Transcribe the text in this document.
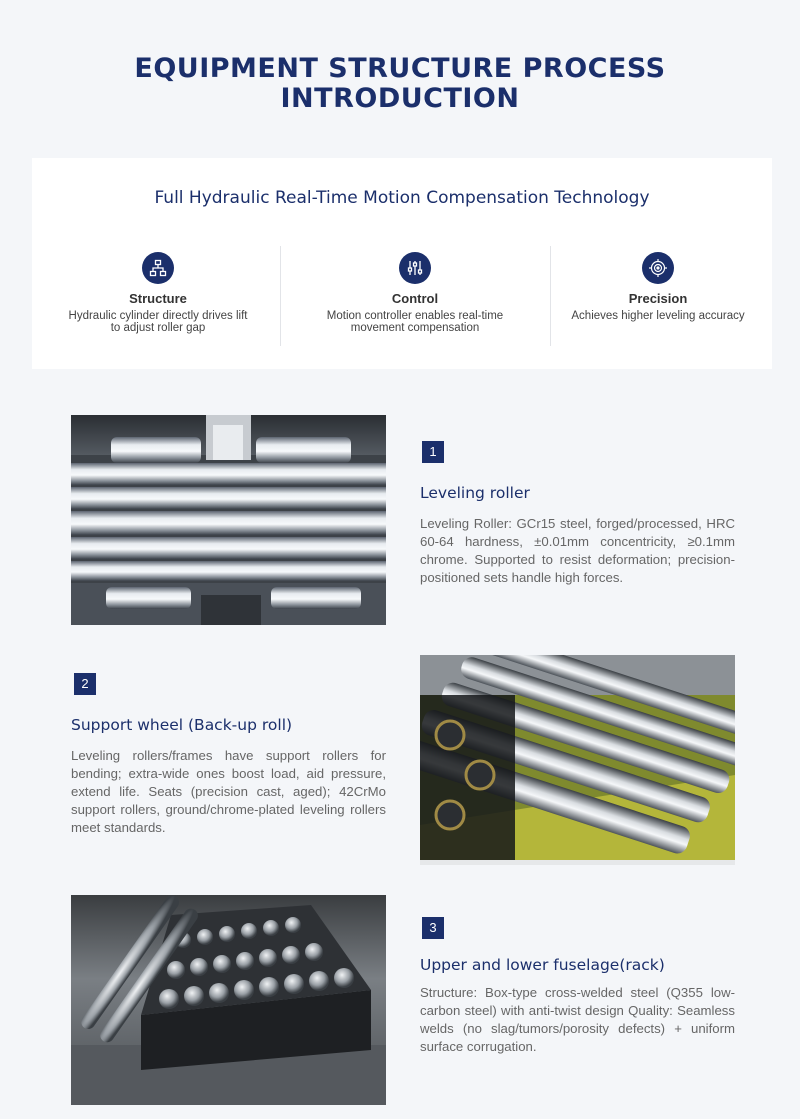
EQUIPMENT STRUCTURE PROCESS
INTRODUCTION
Full Hydraulic Real-Time Motion Compensation Technology
Structure
Hydraulic cylinder directly drives lift to adjust roller gap
Control
Motion controller enables real-time movement compensation
Precision
Achieves higher leveling accuracy
1
Leveling roller
Leveling Roller: GCr15 steel, forged/processed, HRC 60-64 hardness, ±0.01mm concentricity, ≥0.1mm chrome. Supported to resist deformation; precision-positioned sets handle high forces.
2
Support wheel (Back-up roll)
Leveling rollers/frames have support rollers for bending; extra-wide ones boost load, aid pressure, extend life. Seats (precision cast, aged); 42CrMo support rollers, ground/chrome-plated leveling rollers meet standards.
3
Upper and lower fuselage(rack)
Structure: Box-type cross-welded steel (Q355 low-carbon steel) with anti-twist design Quality: Seamless welds (no slag/tumors/porosity defects) + uniform surface corrugation.
